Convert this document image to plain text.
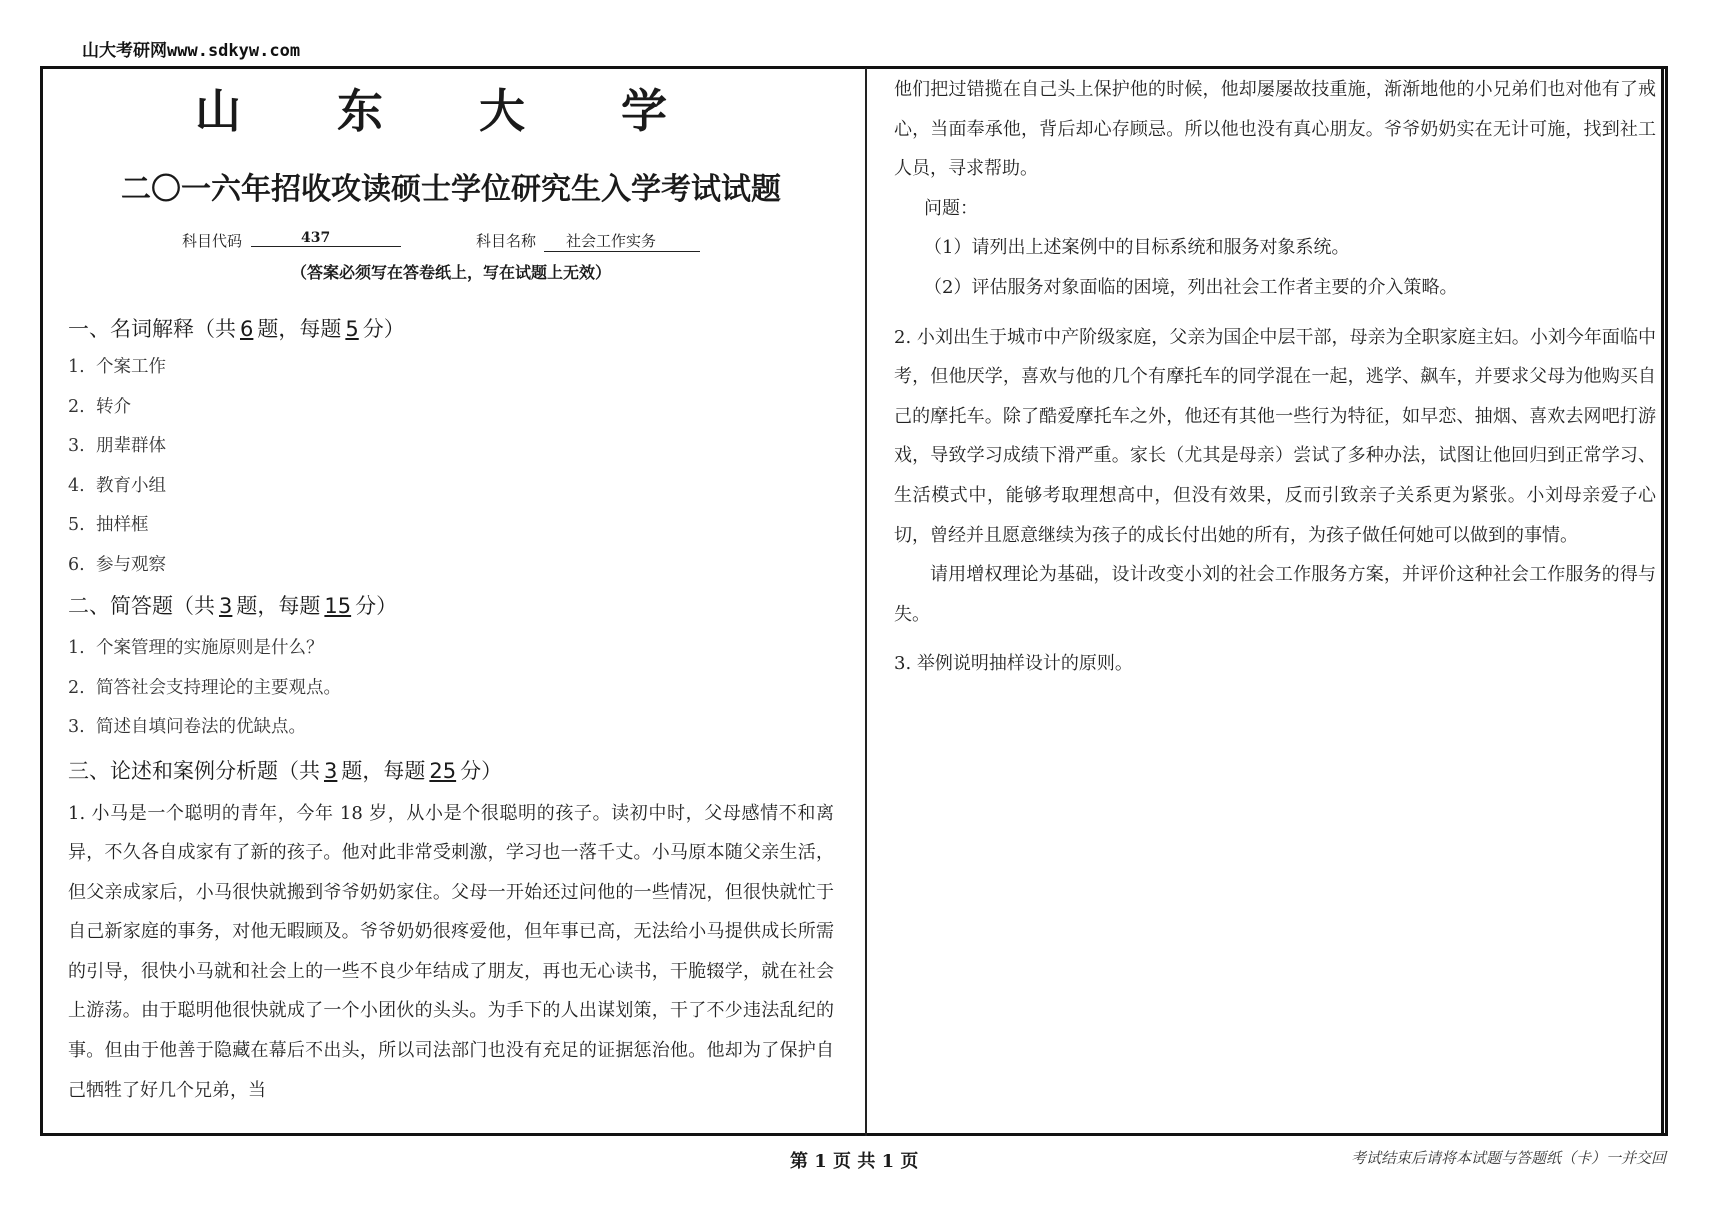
山大考研网www.sdkyw.com
山 东 大 学
二〇一六年招收攻读硕士学位研究生入学考试试题
科目代码	437	科目名称	社会工作实务
（答案必须写在答卷纸上，写在试题上无效）
一、名词解释（共 6 题，每题 5 分）
1. 个案工作
2. 转介
3. 朋辈群体
4. 教育小组
5. 抽样框
6. 参与观察
二、简答题（共 3 题，每题 15 分）
1. 个案管理的实施原则是什么？
2. 简答社会支持理论的主要观点。
3. 简述自填问卷法的优缺点。
三、论述和案例分析题（共 3 题，每题 25 分）

1. 小马是一个聪明的青年，今年 18 岁，从小是个很聪明的孩子。读初中时，父母感情不和离异，不久各自成家有了新的孩子。他对此非常受刺激，学习也一落千丈。小马原本随父亲生活，但父亲成家后，小马很快就搬到爷爷奶奶家住。父母一开始还过问他的一些情况，但很快就忙于自己新家庭的事务，对他无暇顾及。爷爷奶奶很疼爱他，但年事已高，无法给小马提供成长所需的引导，很快小马就和社会上的一些不良少年结成了朋友，再也无心读书，干脆辍学，就在社会上游荡。由于聪明他很快就成了一个小团伙的头头。为手下的人出谋划策，干了不少违法乱纪的事。但由于他善于隐藏在幕后不出头，所以司法部门也没有充足的证据惩治他。他却为了保护自己牺牲了好几个兄弟，当

他们把过错揽在自己头上保护他的时候，他却屡屡故技重施，渐渐地他的小兄弟们也对他有了戒心，当面奉承他，背后却心存顾忌。所以他也没有真心朋友。爷爷奶奶实在无计可施，找到社工人员，寻求帮助。

问题：

（1）请列出上述案例中的目标系统和服务对象系统。

（2）评估服务对象面临的困境，列出社会工作者主要的介入策略。

2. 小刘出生于城市中产阶级家庭，父亲为国企中层干部，母亲为全职家庭主妇。小刘今年面临中考，但他厌学，喜欢与他的几个有摩托车的同学混在一起，逃学、飙车，并要求父母为他购买自己的摩托车。除了酷爱摩托车之外，他还有其他一些行为特征，如早恋、抽烟、喜欢去网吧打游戏，导致学习成绩下滑严重。家长（尤其是母亲）尝试了多种办法，试图让他回归到正常学习、生活模式中，能够考取理想高中，但没有效果，反而引致亲子关系更为紧张。小刘母亲爱子心切，曾经并且愿意继续为孩子的成长付出她的所有，为孩子做任何她可以做到的事情。

请用增权理论为基础，设计改变小刘的社会工作服务方案，并评价这种社会工作服务的得与失。

3. 举例说明抽样设计的原则。

第 1 页 共 1 页	考试结束后请将本试题与答题纸（卡）一并交回
